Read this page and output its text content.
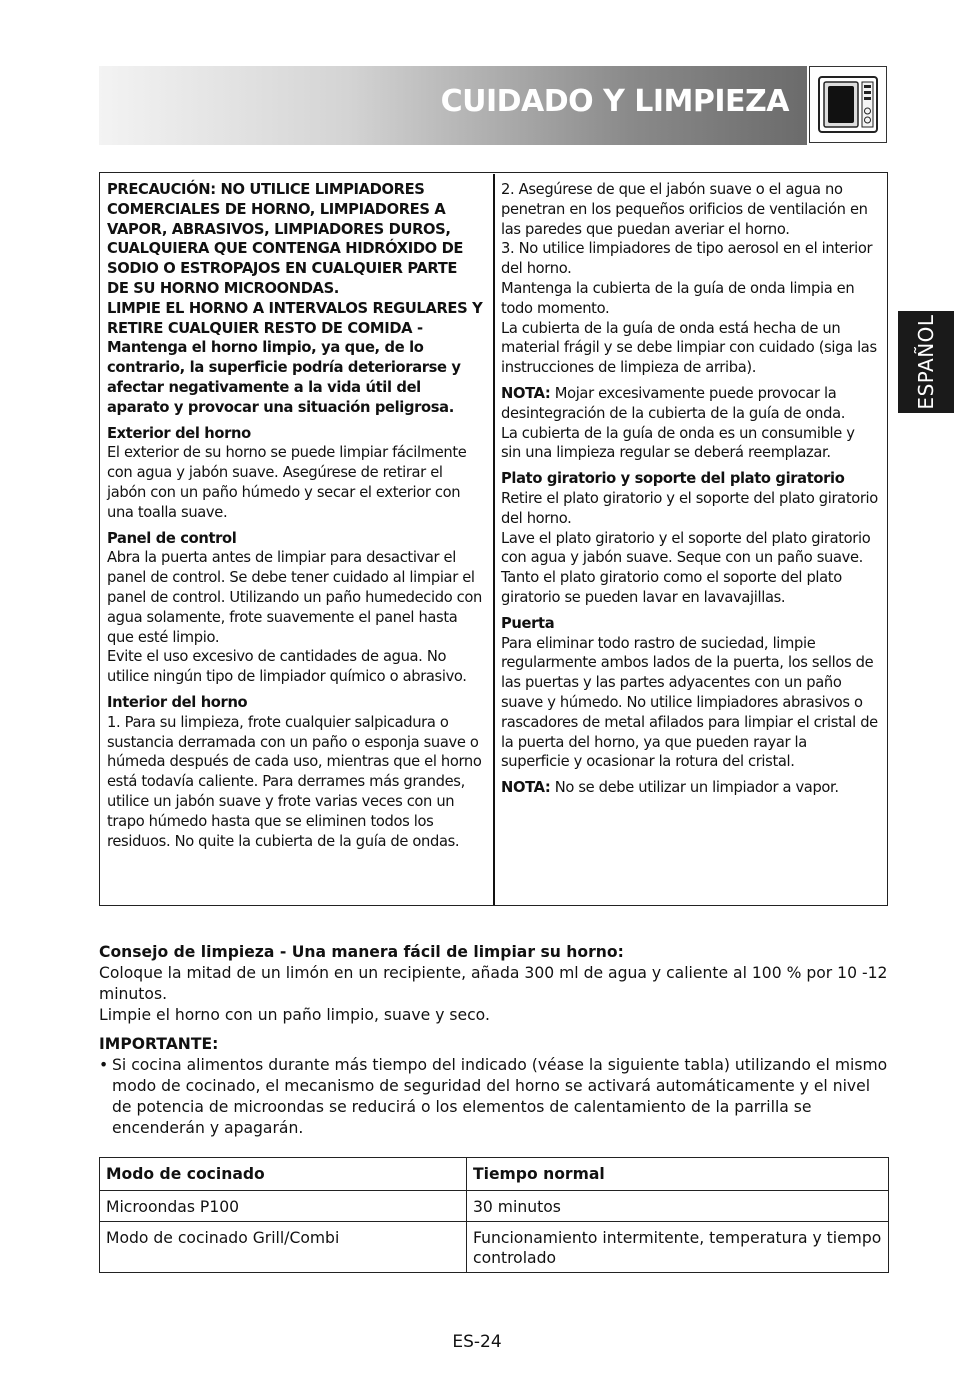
CUIDADO Y LIMPIEZA
ESPAÑOL

PRECAUCIÓN: NO UTILICE LIMPIADORES COMERCIALES DE HORNO, LIMPIADORES A VAPOR, ABRASIVOS, LIMPIADORES DUROS, CUALQUIERA QUE CONTENGA HIDRÓXIDO DE SODIO O ESTROPAJOS EN CUALQUIER PARTE DE SU HORNO MICROONDAS.

LIMPIE EL HORNO A INTERVALOS REGULARES Y RETIRE CUALQUIER RESTO DE COMIDA - Mantenga el horno limpio, ya que, de lo contrario, la superficie podría deteriorarse y afectar negativamente a la vida útil del aparato y provocar una situación peligrosa.

Exterior del horno

El exterior de su horno se puede limpiar fácilmente con agua y jabón suave. Asegúrese de retirar el jabón con un paño húmedo y secar el exterior con una toalla suave.

Panel de control

Abra la puerta antes de limpiar para desactivar el panel de control. Se debe tener cuidado al limpiar el panel de control. Utilizando un paño humedecido con agua solamente, frote suavemente el panel hasta que esté limpio.

Evite el uso excesivo de cantidades de agua. No utilice ningún tipo de limpiador químico o abrasivo.

Interior del horno

1. Para su limpieza, frote cualquier salpicadura o sustancia derramada con un paño o esponja suave o húmeda después de cada uso, mientras que el horno está todavía caliente. Para derrames más grandes, utilice un jabón suave y frote varias veces con un trapo húmedo hasta que se eliminen todos los residuos. No quite la cubierta de la guía de ondas.

2. Asegúrese de que el jabón suave o el agua no penetran en los pequeños orificios de ventilación en las paredes que puedan averiar el horno.

3. No utilice limpiadores de tipo aerosol en el interior del horno.

Mantenga la cubierta de la guía de onda limpia en todo momento.

La cubierta de la guía de onda está hecha de un material frágil y se debe limpiar con cuidado (siga las instrucciones de limpieza de arriba).

NOTA: Mojar excesivamente puede provocar la desintegración de la cubierta de la guía de onda.

La cubierta de la guía de onda es un consumible y sin una limpieza regular se deberá reemplazar.

Plato giratorio y soporte del plato giratorio

Retire el plato giratorio y el soporte del plato giratorio del horno.

Lave el plato giratorio y el soporte del plato giratorio con agua y jabón suave. Seque con un paño suave. Tanto el plato giratorio como el soporte del plato giratorio se pueden lavar en lavavajillas.

Puerta

Para eliminar todo rastro de suciedad, limpie regularmente ambos lados de la puerta, los sellos de las puertas y las partes adyacentes con un paño suave y húmedo. No utilice limpiadores abrasivos o rascadores de metal afilados para limpiar el cristal de la puerta del horno, ya que pueden rayar la superficie y ocasionar la rotura del cristal.

NOTA: No se debe utilizar un limpiador a vapor.

Consejo de limpieza - Una manera fácil de limpiar su horno:

Coloque la mitad de un limón en un recipiente, añada 300 ml de agua y caliente al 100 % por 10 -12 minutos.

Limpie el horno con un paño limpio, suave y seco.

IMPORTANTE:

• Si cocina alimentos durante más tiempo del indicado (véase la siguiente tabla) utilizando el mismo modo de cocinado, el mecanismo de seguridad del horno se activará automáticamente y el nivel de potencia de microondas se reducirá o los elementos de calentamiento de la parrilla se encenderán y apagarán.
Modo de cocinado	Tiempo normal
Microondas P100	30 minutos
Modo de cocinado Grill/Combi	Funcionamiento intermitente, temperatura y tiempo controlado
ES-24
